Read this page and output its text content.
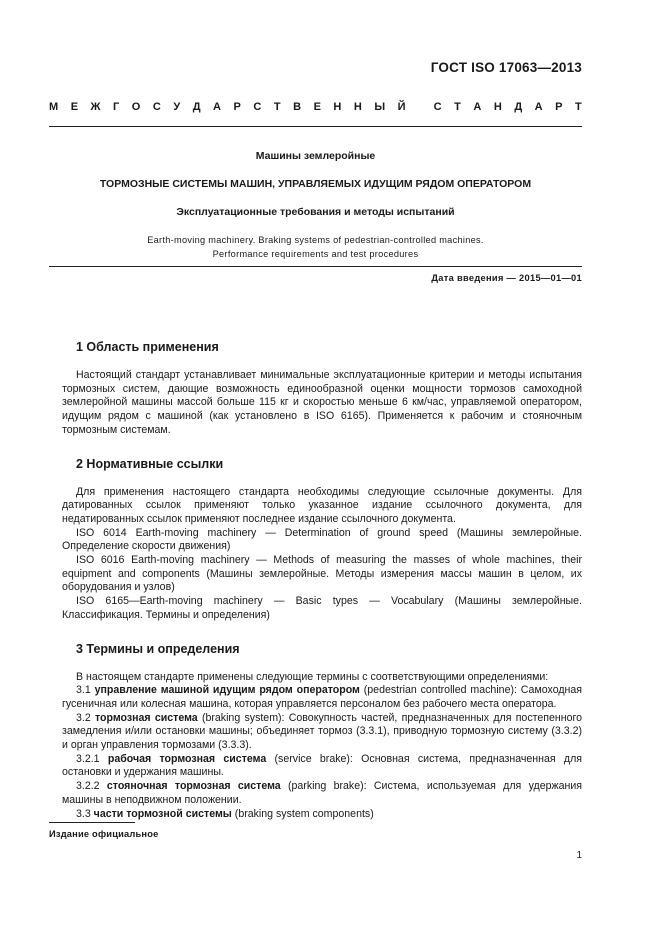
ГОСТ ISO 17063—2013
М Е Ж Г О С У Д А Р С Т В Е Н Н Ы Й
	С Т А Н Д А Р Т
Машины землеройные
ТОРМОЗНЫЕ СИСТЕМЫ МАШИН, УПРАВЛЯЕМЫХ ИДУЩИМ РЯДОМ ОПЕРАТОРОМ
Эксплуатационные требования и методы испытаний
Earth-moving machinery. Braking systems of pedestrian-controlled machines.
Performance requirements and test procedures
Дата введения — 2015—01—01
1 Область применения

Настоящий стандарт устанавливает минимальные эксплуатационные критерии и методы испытания тормозных систем, дающие возможность единообразной оценки мощности тормозов самоходной землеройной машины массой больше 115 кг и скоростью меньше 6 км/час, управляемой оператором, идущим рядом с машиной (как установлено в ISO 6165). Применяется к рабочим и стояночным тормозным системам.

2 Нормативные ссылки

Для применения настоящего стандарта необходимы следующие ссылочные документы. Для датированных ссылок применяют только указанное издание ссылочного документа, для недатированных ссылок применяют последнее издание ссылочного документа.

ISO 6014 Earth-moving machinery — Determination of ground speed (Машины землеройные. Определение скорости движения)

ISO 6016 Earth-moving machinery — Methods of measuring the masses of whole machines, their equipment and components (Машины землеройные. Методы измерения массы машин в целом, их оборудования и узлов)

ISO 6165—Earth-moving machinery — Basic types — Vocabulary (Машины землеройные. Классификация. Термины и определения)

3 Термины и определения

В настоящем стандарте применены следующие термины с соответствующими определениями:

3.1 управление машиной идущим рядом оператором (pedestrian controlled machine): Самоходная гусеничная или колесная машина, которая управляется персоналом без рабочего места оператора.

3.2 тормозная система (braking system): Совокупность частей, предназначенных для постепенного замедления и/или остановки машины; объединяет тормоз (3.3.1), приводную тормозную систему (3.3.2) и орган управления тормозами (3.3.3).

3.2.1 рабочая тормозная система (service brake): Основная система, предназначенная для остановки и удержания машины.

3.2.2 стояночная тормозная система (parking brake): Система, используемая для удержания машины в неподвижном положении.

3.3 части тормозной системы (braking system components)

Издание официальное
1
